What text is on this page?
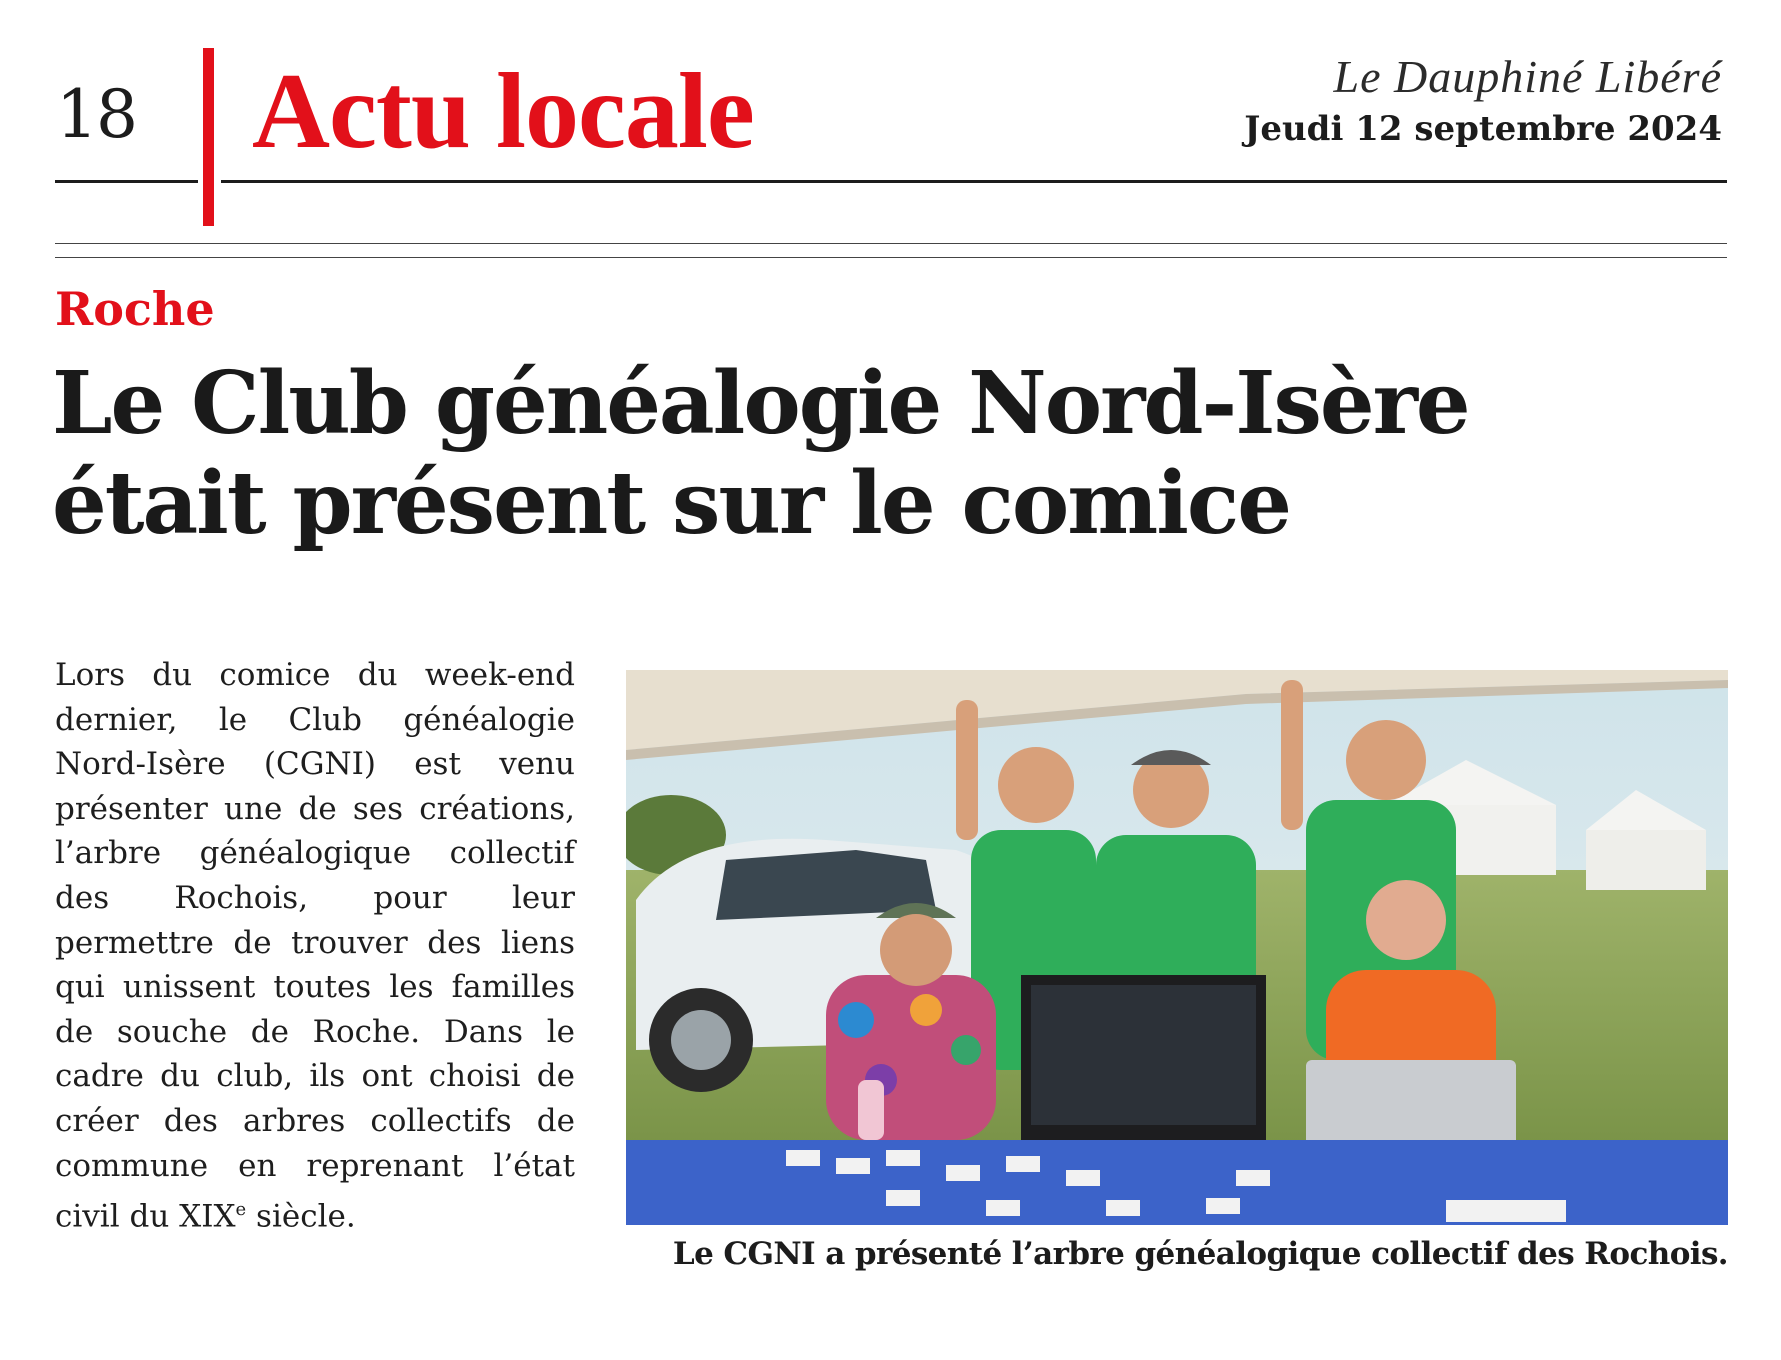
18 Actu locale	Le Dauphiné Libéré
Jeudi 12 septembre 2024
Roche
Le Club généalogie Nord-Isère
était présent sur le comice

Lors du comice du week-end dernier, le Club généalogie Nord-Isère (CGNI) est venu présenter une de ses créations, l’arbre généalogique collectif des Rochois, pour leur permettre de trouver des liens qui unissent toutes les familles de souche de Roche. Dans le cadre du club, ils ont choisi de créer des arbres collectifs de commune en reprenant l’état civil du XIXe siècle.

Le CGNI a présenté l’arbre généalogique collectif des Rochois.
